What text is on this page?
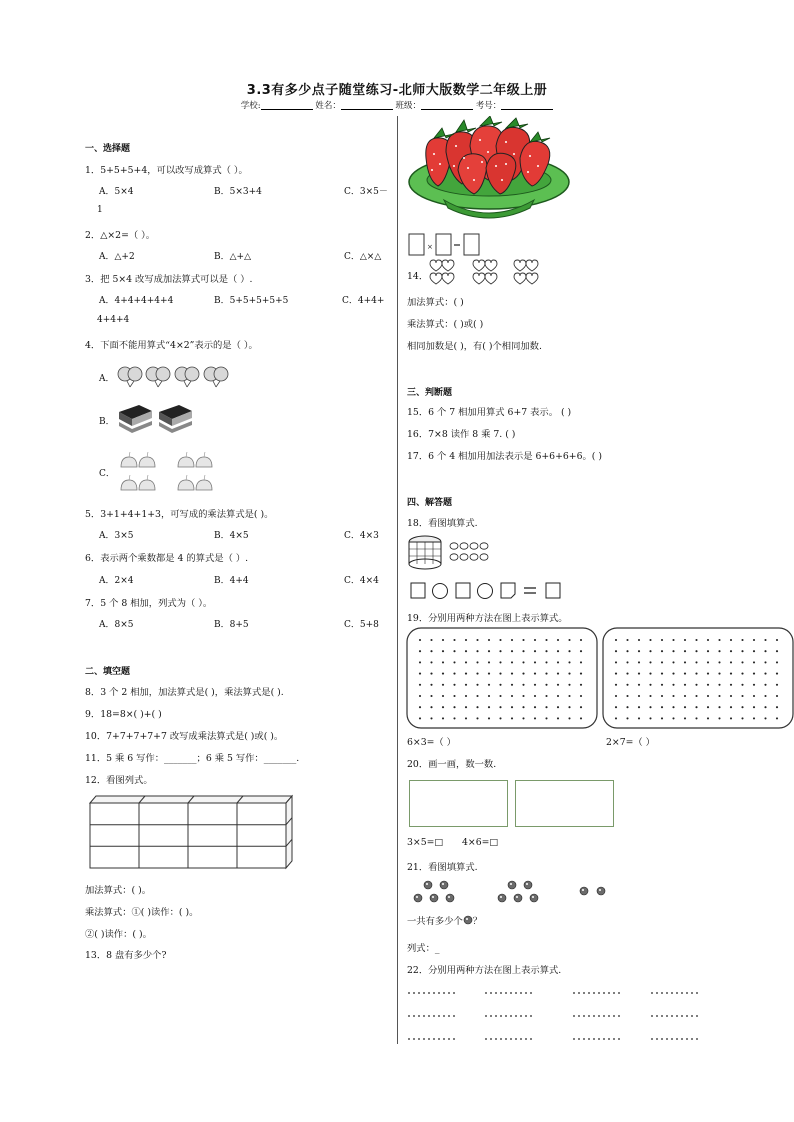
3.3有多少点子随堂练习-北师大版数学二年级上册
学校:	姓名：	班级：	考号：
一、选择题
1．5+5+5+4，可以改写成算式（ ）。
A．5×4	B．5×3+4	C．3×5－
1
2．△×2=（ ）。
A．△+2	B．△+△	C．△×△
3．把 5×4 改写成加法算式可以是（ ）.
A．4+4+4+4+4	B．5+5+5+5+5	C．4+4+
4+4+4
4．下面不能用算式“4×2”表示的是（ ）。
A．
B．
C．
5．3+1+4+1+3，可写成的乘法算式是( )。
A．3×5	B．4×5	C．4×3
6．表示两个乘数都是 4 的算式是（ ）.
A．2×4	B．4+4	C．4×4
7．5 个 8 相加，列式为（ ）。
A．8×5	B．8+5	C．5+8
二、填空题
8．3 个 2 相加，加法算式是( )，乘法算式是( ).
9．18=8×( )+( )
10．7+7+7+7+7 改写成乘法算式是( )或( )。
11．5 乘 6 写作：_______；6 乘 5 写作：_______.
12．看图列式。
加法算式：( )。
乘法算式：①( )读作：( )。
②( )读作：( )。
13．8 盘有多少个?
×
14．
加法算式：( )
乘法算式：( )或( )
相同加数是( )，有( )个相同加数.
三、判断题
15．6 个 7 相加用算式 6+7 表示。 ( )
16．7×8 读作 8 乘 7. ( )
17．6 个 4 相加用加法表示是 6+6+6+6。( )
四、解答题
18．看图填算式.
19．分别用两种方法在图上表示算式。
6×3=（ ）	2×7=（ ）
20．画一画，数一数.
3×5=□ 4×6=□
21．看图填算式.
一共有多少个 ？
列式：_
22．分别用两种方法在图上表示算式.
